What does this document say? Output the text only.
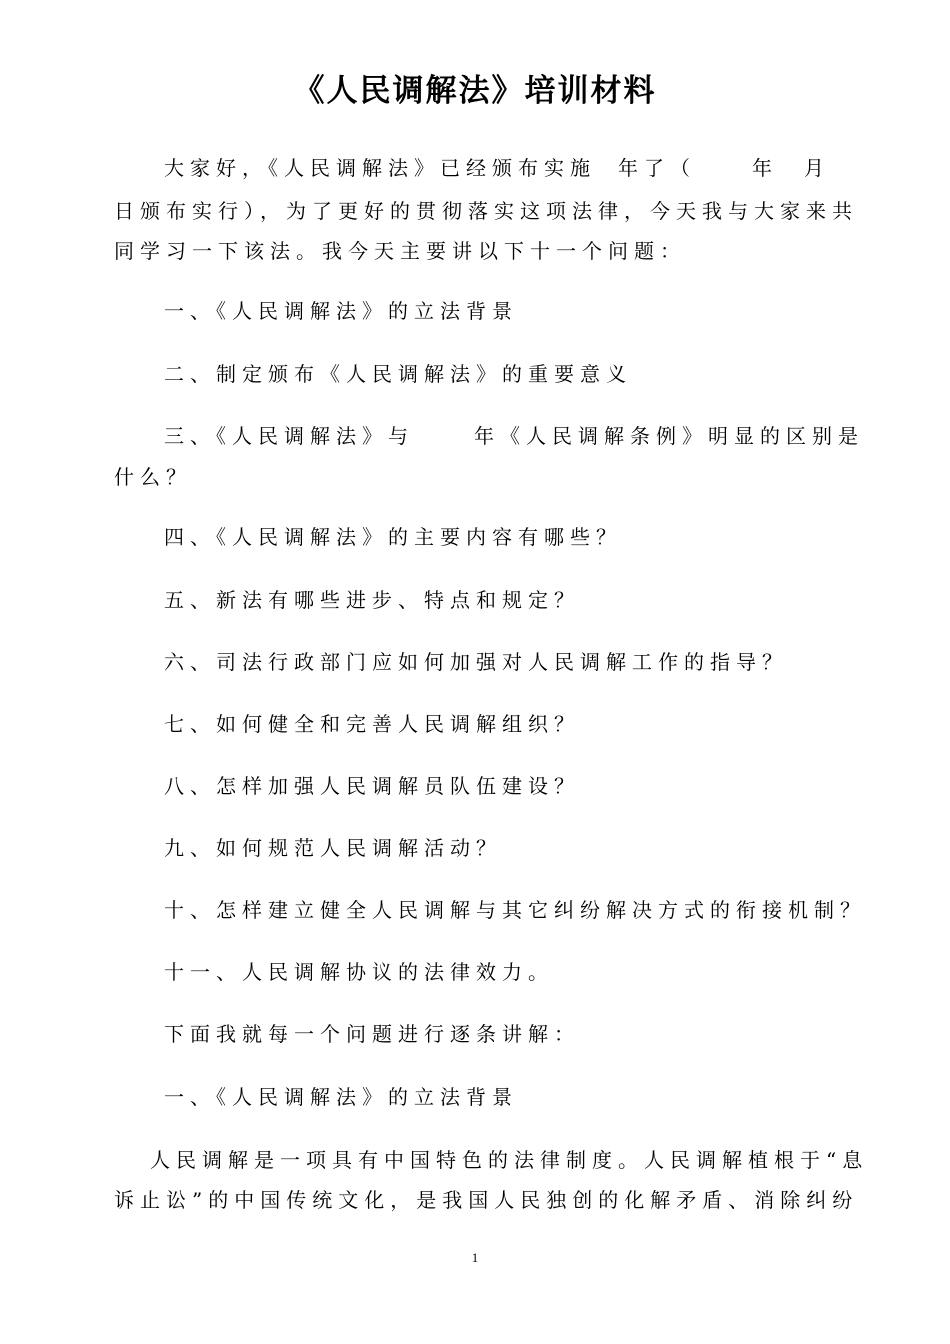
《人民调解法》培训材料

大家好，《人民调解法》已经颁布实施 年了（	年 月

日颁布实行），为了更好的贯彻落实这项法律，今天我与大家来共

同学习一下该法。我今天主要讲以下十一个问题：

一、《人民调解法》的立法背景

二、制定颁布《人民调解法》的重要意义

三、《人民调解法》与	年《人民调解条例》明显的区别是

什么？

四、《人民调解法》的主要内容有哪些？

五、新法有哪些进步、特点和规定？

六、司法行政部门应如何加强对人民调解工作的指导？

七、如何健全和完善人民调解组织？

八、怎样加强人民调解员队伍建设？

九、如何规范人民调解活动？

十、怎样建立健全人民调解与其它纠纷解决方式的衔接机制？

十一、人民调解协议的法律效力。

下面我就每一个问题进行逐条讲解：

一、《人民调解法》的立法背景

人民调解是一项具有中国特色的法律制度。人民调解植根于“息

诉止讼”的中国传统文化，是我国人民独创的化解矛盾、消除纠纷

1
